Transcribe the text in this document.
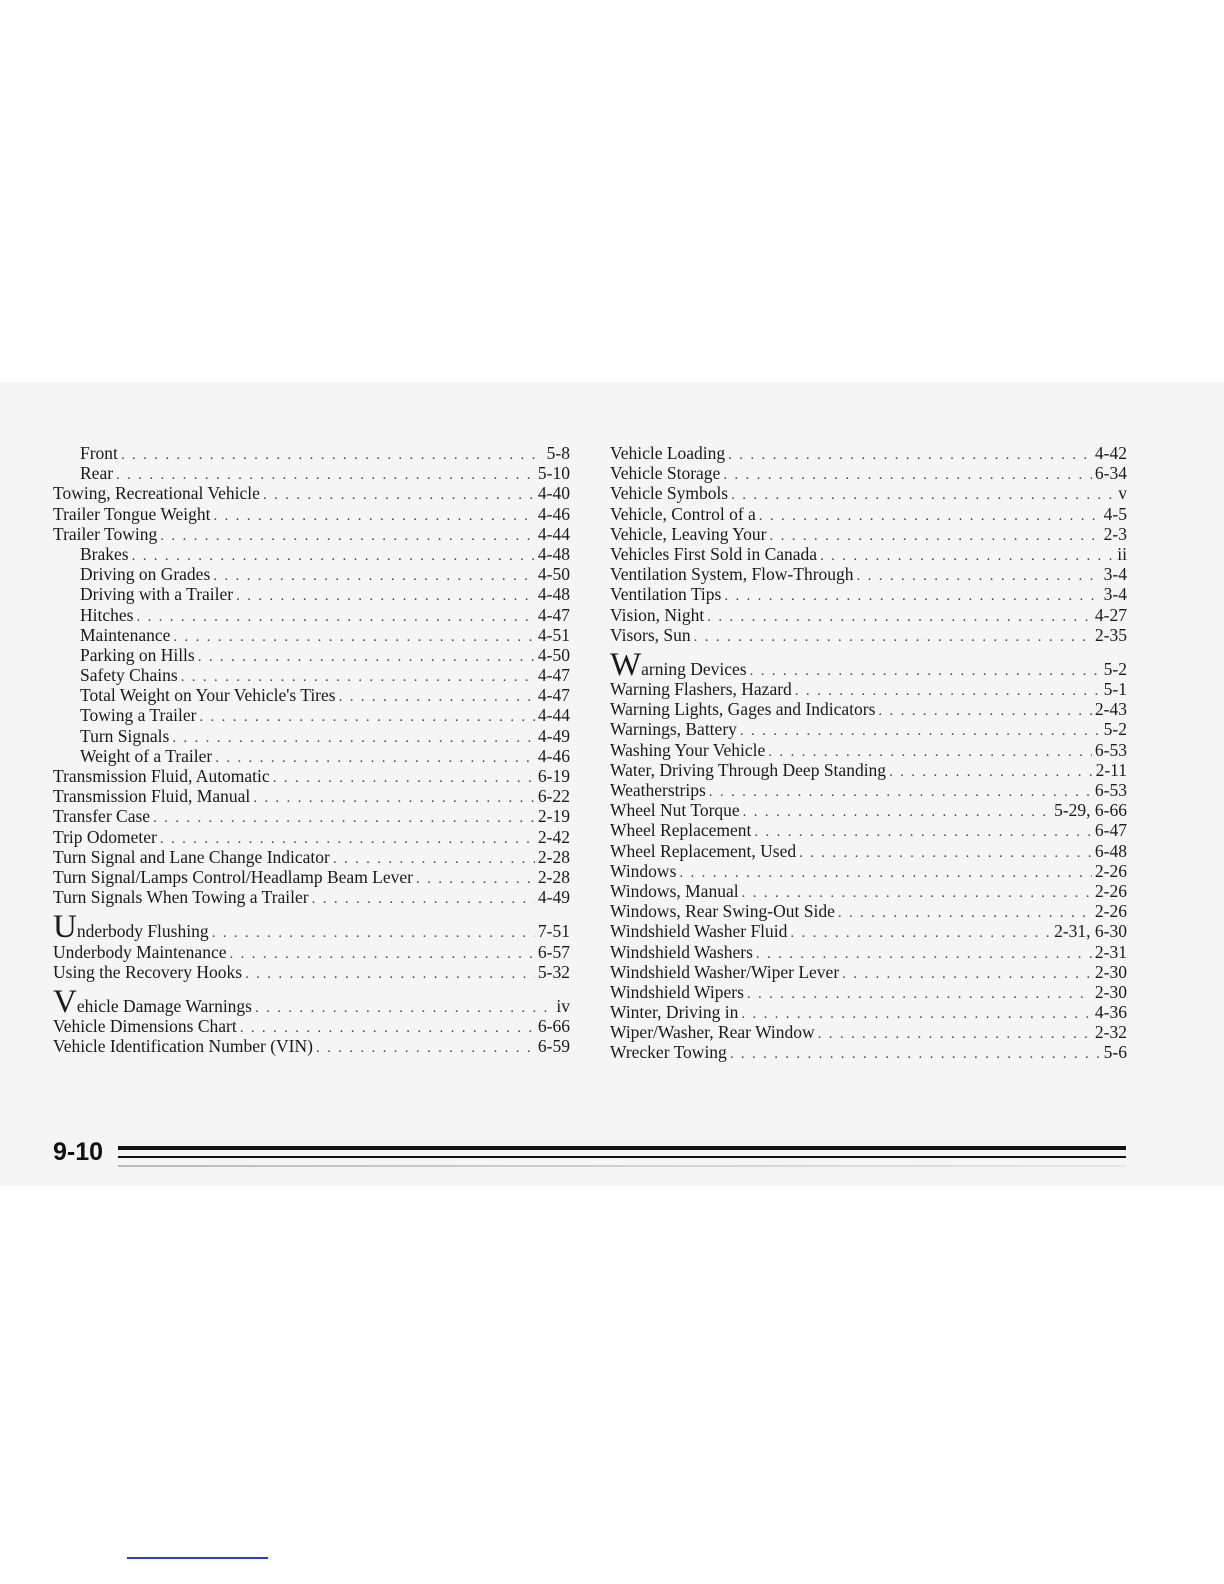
Front . . .	5-8
Rear . . .	5-10
Towing, Recreational Vehicle . . .	4-40
Trailer Tongue Weight . . .	4-46
Trailer Towing . . .	4-44
Brakes . . .	4-48
Driving on Grades . . .	4-50
Driving with a Trailer . . .	4-48
Hitches . . .	4-47
Maintenance . . .	4-51
Parking on Hills . . .	4-50
Safety Chains . . .	4-47
Total Weight on Your Vehicle's Tires . . .	4-47
Towing a Trailer . . .	4-44
Turn Signals . . .	4-49
Weight of a Trailer . . .	4-46
Transmission Fluid, Automatic . . .	6-19
Transmission Fluid, Manual . . .	6-22
Transfer Case . . .	2-19
Trip Odometer . . .	2-42
Turn Signal and Lane Change Indicator . . .	2-28
Turn Signal/Lamps Control/Headlamp Beam Lever . . .	2-28
Turn Signals When Towing a Trailer . . .	4-49
Underbody Flushing . . .	7-51
Underbody Maintenance . . .	6-57
Using the Recovery Hooks . . .	5-32
Vehicle Damage Warnings . . .	iv
Vehicle Dimensions Chart . . .	6-66
Vehicle Identification Number (VIN) . . .	6-59
Vehicle Loading . . .	4-42
Vehicle Storage . . .	6-34
Vehicle Symbols . . .	v
Vehicle, Control of a . . .	4-5
Vehicle, Leaving Your . . .	2-3
Vehicles First Sold in Canada . . .	ii
Ventilation System, Flow-Through . . .	3-4
Ventilation Tips . . .	3-4
Vision, Night . . .	4-27
Visors, Sun . . .	2-35
Warning Devices . . .	5-2
Warning Flashers, Hazard . . .	5-1
Warning Lights, Gages and Indicators . . .	2-43
Warnings, Battery . . .	5-2
Washing Your Vehicle . . .	6-53
Water, Driving Through Deep Standing . . .	2-11
Weatherstrips . . .	6-53
Wheel Nut Torque . . .	5-29, 6-66
Wheel Replacement . . .	6-47
Wheel Replacement, Used . . .	6-48
Windows . . .	2-26
Windows, Manual . . .	2-26
Windows, Rear Swing-Out Side . . .	2-26
Windshield Washer Fluid . . .	2-31, 6-30
Windshield Washers . . .	2-31
Windshield Washer/Wiper Lever . . .	2-30
Windshield Wipers . . .	2-30
Winter, Driving in . . .	4-36
Wiper/Washer, Rear Window . . .	2-32
Wrecker Towing . . .	5-6
9-10
